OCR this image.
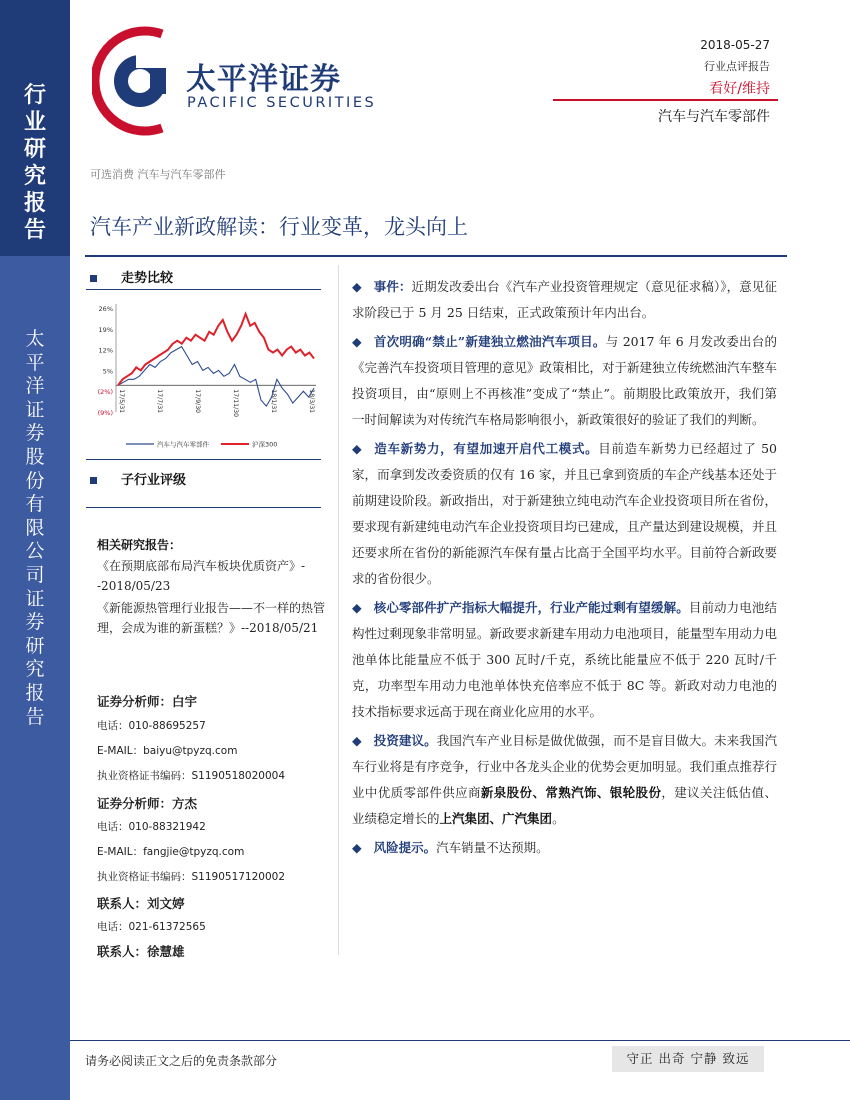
行
业
研
究
报
告
太
平
洋
证
券
股
份
有
限
公
司
证
券
研
究
报
告
太平洋证券
PACIFIC SECURITIES
2018-05-27
行业点评报告
看好/维持
汽车与汽车零部件
可选消费 汽车与汽车零部件
汽车产业新政解读：行业变革，龙头向上
走势比较
26%
19%
12%
5%
(2%)
(9%) 17/5/31	17/7/31	17/9/30	17/11/30	18/1/31	18/3/31
汽车与汽车零部件	沪深300
子行业评级
相关研究报告：
《在预期底部布局汽车板块优质资产》--2018/05/23
《新能源热管理行业报告——不一样的热管理，会成为谁的新蛋糕？》--2018/05/21
证券分析师：白宇
电话：010-88695257
E-MAIL：baiyu@tpyzq.com
执业资格证书编码：S1190518020004
证券分析师：方杰
电话：010-88321942
E-MAIL：fangjie@tpyzq.com
执业资格证书编码：S1190517120002
联系人：刘文婷
电话：021-61372565
联系人：徐慧雄

◆ 事件：近期发改委出台《汽车产业投资管理规定（意见征求稿）》，意见征求阶段已于 5 月 25 日结束，正式政策预计年内出台。

◆ 首次明确“禁止”新建独立燃油汽车项目。与 2017 年 6 月发改委出台的《完善汽车投资项目管理的意见》政策相比，对于新建独立传统燃油汽车整车投资项目，由“原则上不再核准”变成了“禁止”。前期股比政策放开，我们第一时间解读为对传统汽车格局影响很小，新政策很好的验证了我们的判断。

◆ 造车新势力，有望加速开启代工模式。目前造车新势力已经超过了 50 家，而拿到发改委资质的仅有 16 家，并且已拿到资质的车企产线基本还处于前期建设阶段。新政指出，对于新建独立纯电动汽车企业投资项目所在省份，要求现有新建纯电动汽车企业投资项目均已建成，且产量达到建设规模，并且还要求所在省份的新能源汽车保有量占比高于全国平均水平。目前符合新政要求的省份很少。

◆ 核心零部件扩产指标大幅提升，行业产能过剩有望缓解。目前动力电池结构性过剩现象非常明显。新政要求新建车用动力电池项目，能量型车用动力电池单体比能量应不低于 300 瓦时/千克，系统比能量应不低于 220 瓦时/千克，功率型车用动力电池单体快充倍率应不低于 8C 等。新政对动力电池的技术指标要求远高于现在商业化应用的水平。

◆ 投资建议。我国汽车产业目标是做优做强，而不是盲目做大。未来我国汽车行业将是有序竞争，行业中各龙头企业的优势会更加明显。我们重点推荐行业中优质零部件供应商新泉股份、常熟汽饰、银轮股份，建议关注低估值、业绩稳定增长的上汽集团、广汽集团。

◆ 风险提示。汽车销量不达预期。

请务必阅读正文之后的免责条款部分	守正 出奇 宁静 致远
